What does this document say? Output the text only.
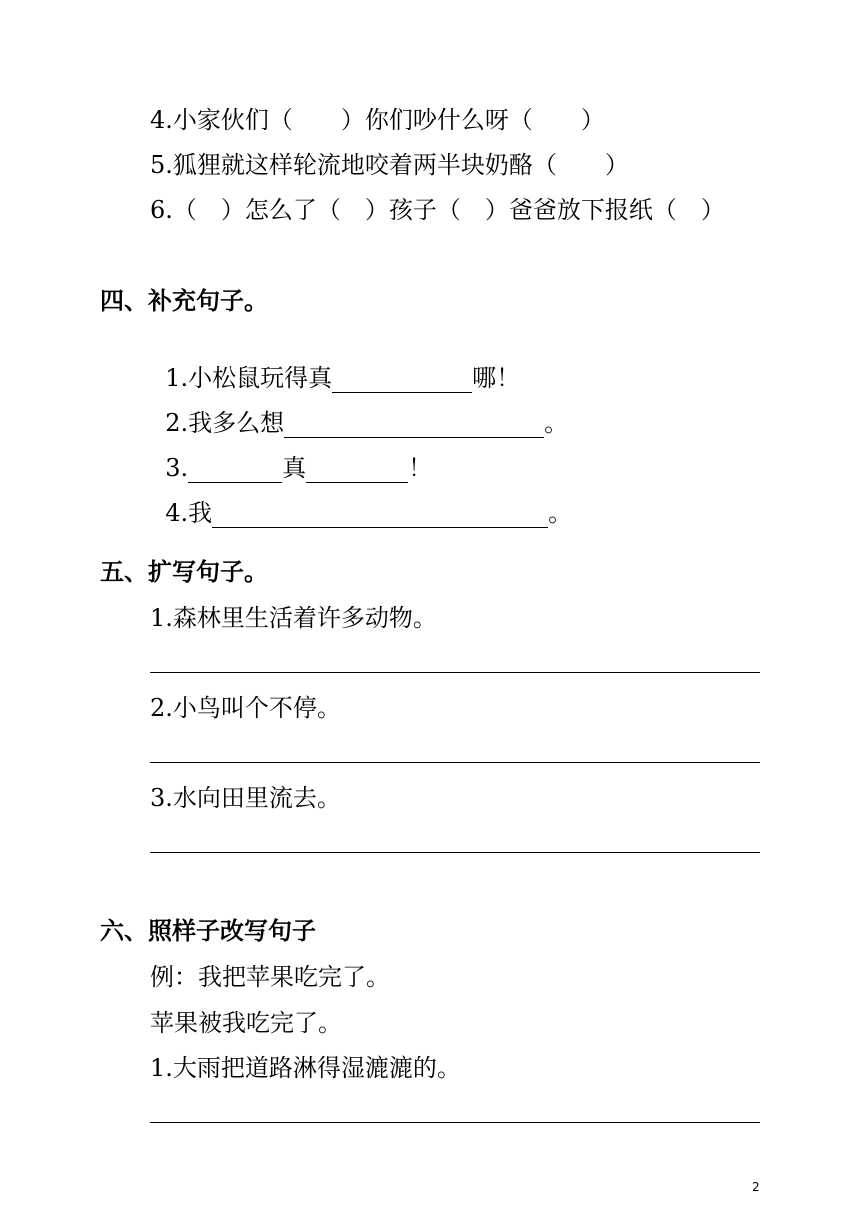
4.小家伙们（　　）你们吵什么呀（　　）
5.狐狸就这样轮流地咬着两半块奶酪（　　）
6.（　）怎么了（　）孩子（　）爸爸放下报纸（　）
四、补充句子。

1.小松鼠玩得真	哪！

2.我多么想	。

3.	真	！

4.我	。

五、扩写句子。
1.森林里生活着许多动物。
2.小鸟叫个不停。
3.水向田里流去。
六、照样子改写句子
例：我把苹果吃完了。
苹果被我吃完了。
1.大雨把道路淋得湿漉漉的。
2
